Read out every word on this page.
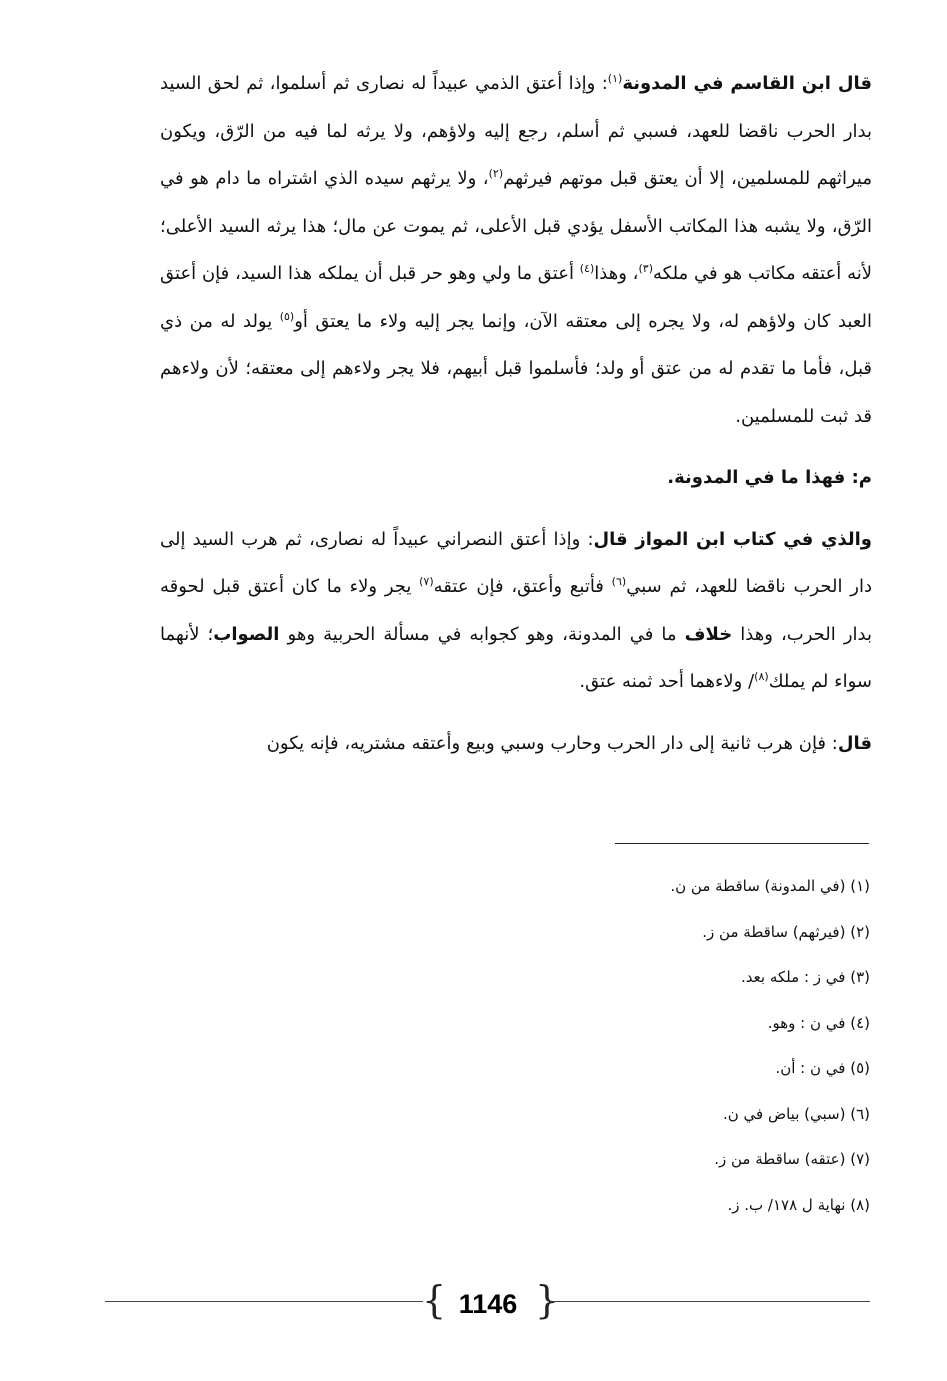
قال ابن القاسم في المدونة$^{(١)}$: وإذا أعتق الذمي عبيداً له نصارى ثم أسلموا، ثم لحق السيد بدار الحرب ناقضا للعهد، فسبي ثم أسلم، رجع إليه ولاؤهم، ولا يرثه لما فيه من الرّق، ويكون ميراثهم للمسلمين، إلا أن يعتق قبل موتهم فيرثهم$^{(٢)}$، ولا يرثهم سيده الذي اشتراه ما دام هو في الرّق، ولا يشبه هذا المكاتب الأسفل يؤدي قبل الأعلى، ثم يموت عن مال؛ هذا يرثه السيد الأعلى؛ لأنه أعتقه مكاتب هو في ملكه$^{(٣)}$، وهذا$^{(٤)}$ أعتق ما ولي وهو حر قبل أن يملكه هذا السيد، فإن أعتق العبد كان ولاؤهم له، ولا يجره إلى معتقه الآن، وإنما يجر إليه ولاء ما يعتق أو$^{(٥)}$ يولد له من ذي قبل، فأما ما تقدم له من عتق أو ولد؛ فأسلموا قبل أبيهم، فلا يجر ولاءهم إلى معتقه؛ لأن ولاءهم قد ثبت للمسلمين.

م: فهذا ما في المدونة.

والذي في كتاب ابن المواز قال: وإذا أعتق النصراني عبيداً له نصارى، ثم هرب السيد إلى دار الحرب ناقضا للعهد، ثم سبي$^{(٦)}$ فأتبع وأعتق، فإن عتقه$^{(٧)}$ يجر ولاء ما كان أعتق قبل لحوقه بدار الحرب، وهذا خلاف ما في المدونة، وهو كجوابه في مسألة الحربية وهو الصواب؛ لأنهما سواء لم يملك$^{(٨)}$/ ولاءهما أحد ثمنه عتق.

قال: فإن هرب ثانية إلى دار الحرب وحارب وسبي وبيع وأعتقه مشتريه، فإنه يكون

(١) (في المدونة) ساقطة من ن.
(٢) (فيرثهم) ساقطة من ز.
(٣) في ز : ملكه بعد.
(٤) في ن : وهو.
(٥) في ن : أن.
(٦) (سبي) بياض في ن.
(٧) (عتقه) ساقطة من ز.
(٨) نهاية ل ١٧٨/ ب. ز.
{ 1146 }
